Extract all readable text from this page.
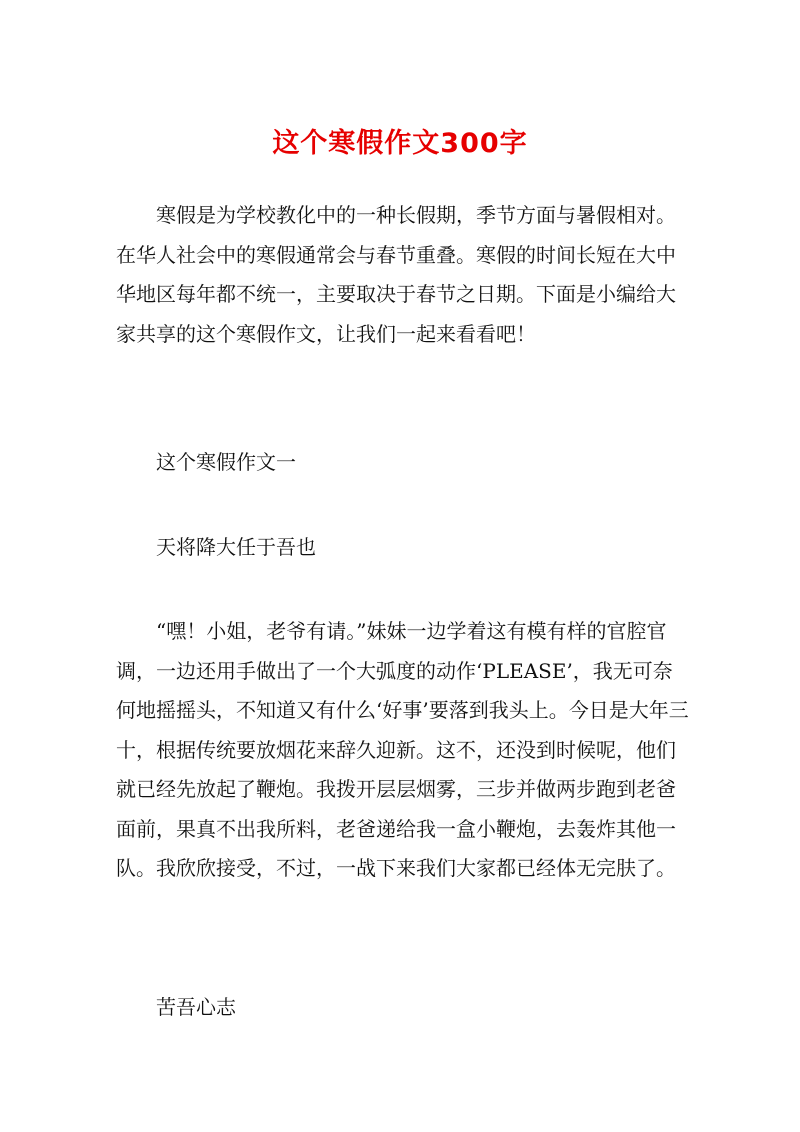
这个寒假作文300字

寒假是为学校教化中的一种长假期，季节方面与暑假相对。在华人社会中的寒假通常会与春节重叠。寒假的时间长短在大中华地区每年都不统一，主要取决于春节之日期。下面是小编给大家共享的这个寒假作文，让我们一起来看看吧！

这个寒假作文一

天将降大任于吾也

“嘿！小姐，老爷有请。”妹妹一边学着这有模有样的官腔官调，一边还用手做出了一个大弧度的动作‘PLEASE’，我无可奈何地摇摇头，不知道又有什么‘好事’要落到我头上。今日是大年三十，根据传统要放烟花来辞久迎新。这不，还没到时候呢，他们就已经先放起了鞭炮。我拨开层层烟雾，三步并做两步跑到老爸面前，果真不出我所料，老爸递给我一盒小鞭炮，去轰炸其他一队。我欣欣接受，不过，一战下来我们大家都已经体无完肤了。

苦吾心志
